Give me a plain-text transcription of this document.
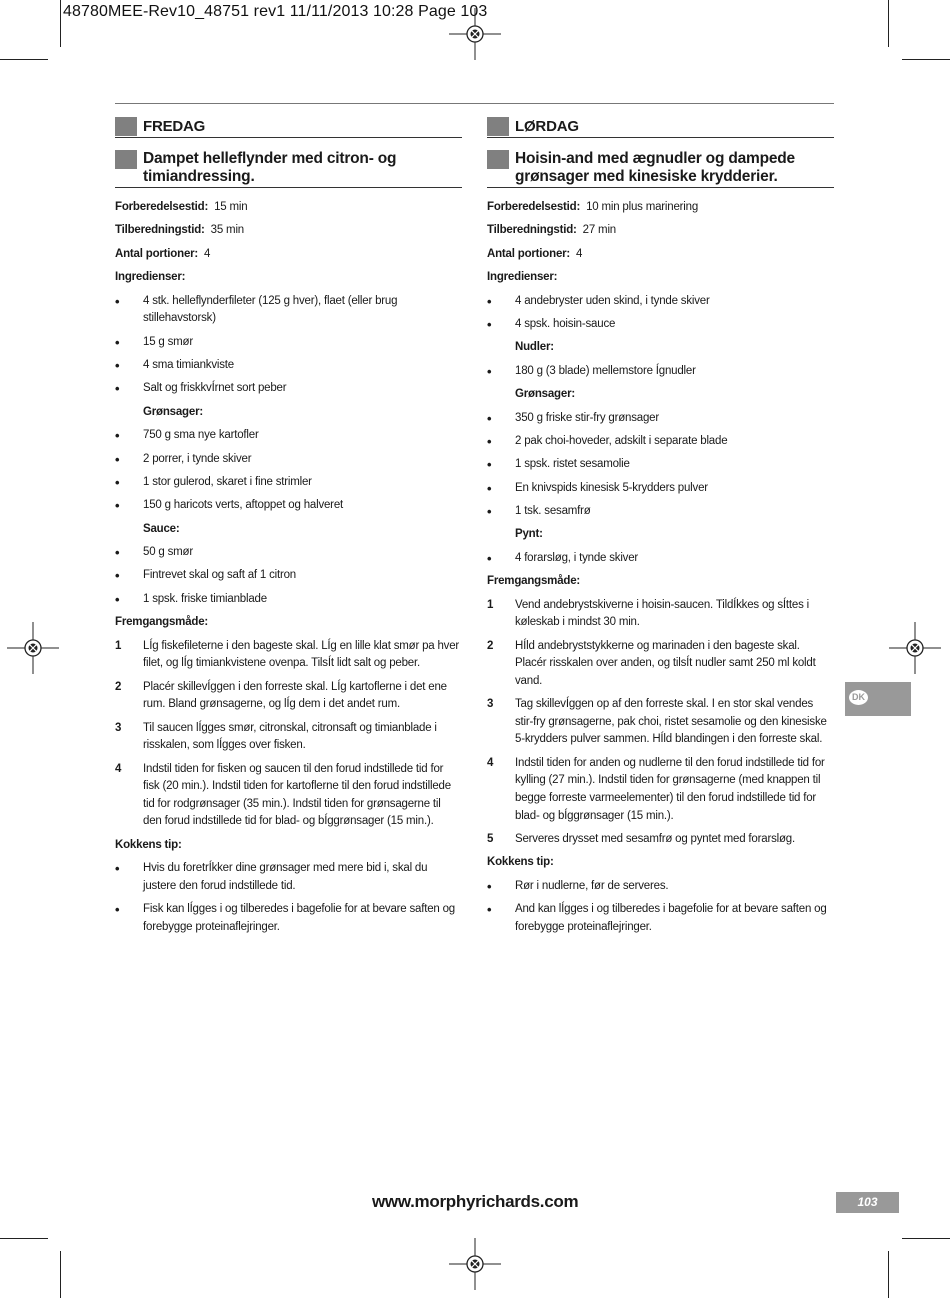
48780MEE-Rev10_48751 rev1 11/11/2013 10:28 Page 103
FREDAG
Dampet helleflynder med citron- og timiandressing.
Forberedelsestid: 15 min
Tilberedningstid: 35 min
Antal portioner: 4
Ingredienser:
•	4 stk. helleflynderfileter (125 g hver), flaet (eller brug stillehavstorsk)
•	15 g smør
•	4 sma timiankviste
•	Salt og friskkvÍrnet sort peber
Grønsager:
•	750 g sma nye kartofler
•	2 porrer, i tynde skiver
•	1 stor gulerod, skaret i fine strimler
•	150 g haricots verts, aftoppet og halveret
Sauce:
•	50 g smør
•	Fintrevet skal og saft af 1 citron
•	1 spsk. friske timianblade
Fremgangsmåde:
1	LÍg fiskefileterne i den bageste skal. LÍg en lille klat smør pa hver filet, og lÍg timiankvistene ovenpa. TilsÍt lidt salt og peber.
2	Placér skillevÍggen i den forreste skal. LÍg kartoflerne i det ene rum. Bland grønsagerne, og lÍg dem i det andet rum.
3	Til saucen lÍgges smør, citronskal, citronsaft og timianblade i risskalen, som lÍgges over fisken.
4	Indstil tiden for fisken og saucen til den forud indstillede tid for fisk (20 min.). Indstil tiden for kartoflerne til den forud indstillede tid for rodgrønsager (35 min.). Indstil tiden for grønsagerne til den forud indstillede tid for blad- og bÍggrønsager (15 min.).
Kokkens tip:
•	Hvis du foretrÍkker dine grønsager med mere bid i, skal du justere den forud indstillede tid.
•	Fisk kan lÍgges i og tilberedes i bagefolie for at bevare saften og forebygge proteinaflejringer.
LØRDAG
Hoisin-and med ægnudler og dampede grønsager med kinesiske krydderier.
Forberedelsestid: 10 min plus marinering
Tilberedningstid: 27 min
Antal portioner: 4
Ingredienser:
•	4 andebryster uden skind, i tynde skiver
•	4 spsk. hoisin-sauce
Nudler:
•	180 g (3 blade) mellemstore Ígnudler
Grønsager:
•	350 g friske stir-fry grønsager
•	2 pak choi-hoveder, adskilt i separate blade
•	1 spsk. ristet sesamolie
•	En knivspids kinesisk 5-krydders pulver
•	1 tsk. sesamfrø
Pynt:
•	4 forarsløg, i tynde skiver
Fremgangsmåde:
1	Vend andebrystskiverne i hoisin-saucen. TildÍkkes og sÍttes i køleskab i mindst 30 min.
2	HÍld andebryststykkerne og marinaden i den bageste skal. Placér risskalen over anden, og tilsÍt nudler samt 250 ml koldt vand.
3	Tag skillevÍggen op af den forreste skal. I en stor skal vendes stir-fry grønsagerne, pak choi, ristet sesamolie og den kinesiske 5-krydders pulver sammen. HÍld blandingen i den forreste skal.
4	Indstil tiden for anden og nudlerne til den forud indstillede tid for kylling (27 min.). Indstil tiden for grønsagerne (med knappen til begge forreste varmeelementer) til den forud indstillede tid for blad- og bÍggrønsager (15 min.).
5	Serveres drysset med sesamfrø og pyntet med forarsløg.
Kokkens tip:
•	Rør i nudlerne, før de serveres.
•	And kan lÍgges i og tilberedes i bagefolie for at bevare saften og forebygge proteinaflejringer.
DK
www.morphyrichards.com	103
